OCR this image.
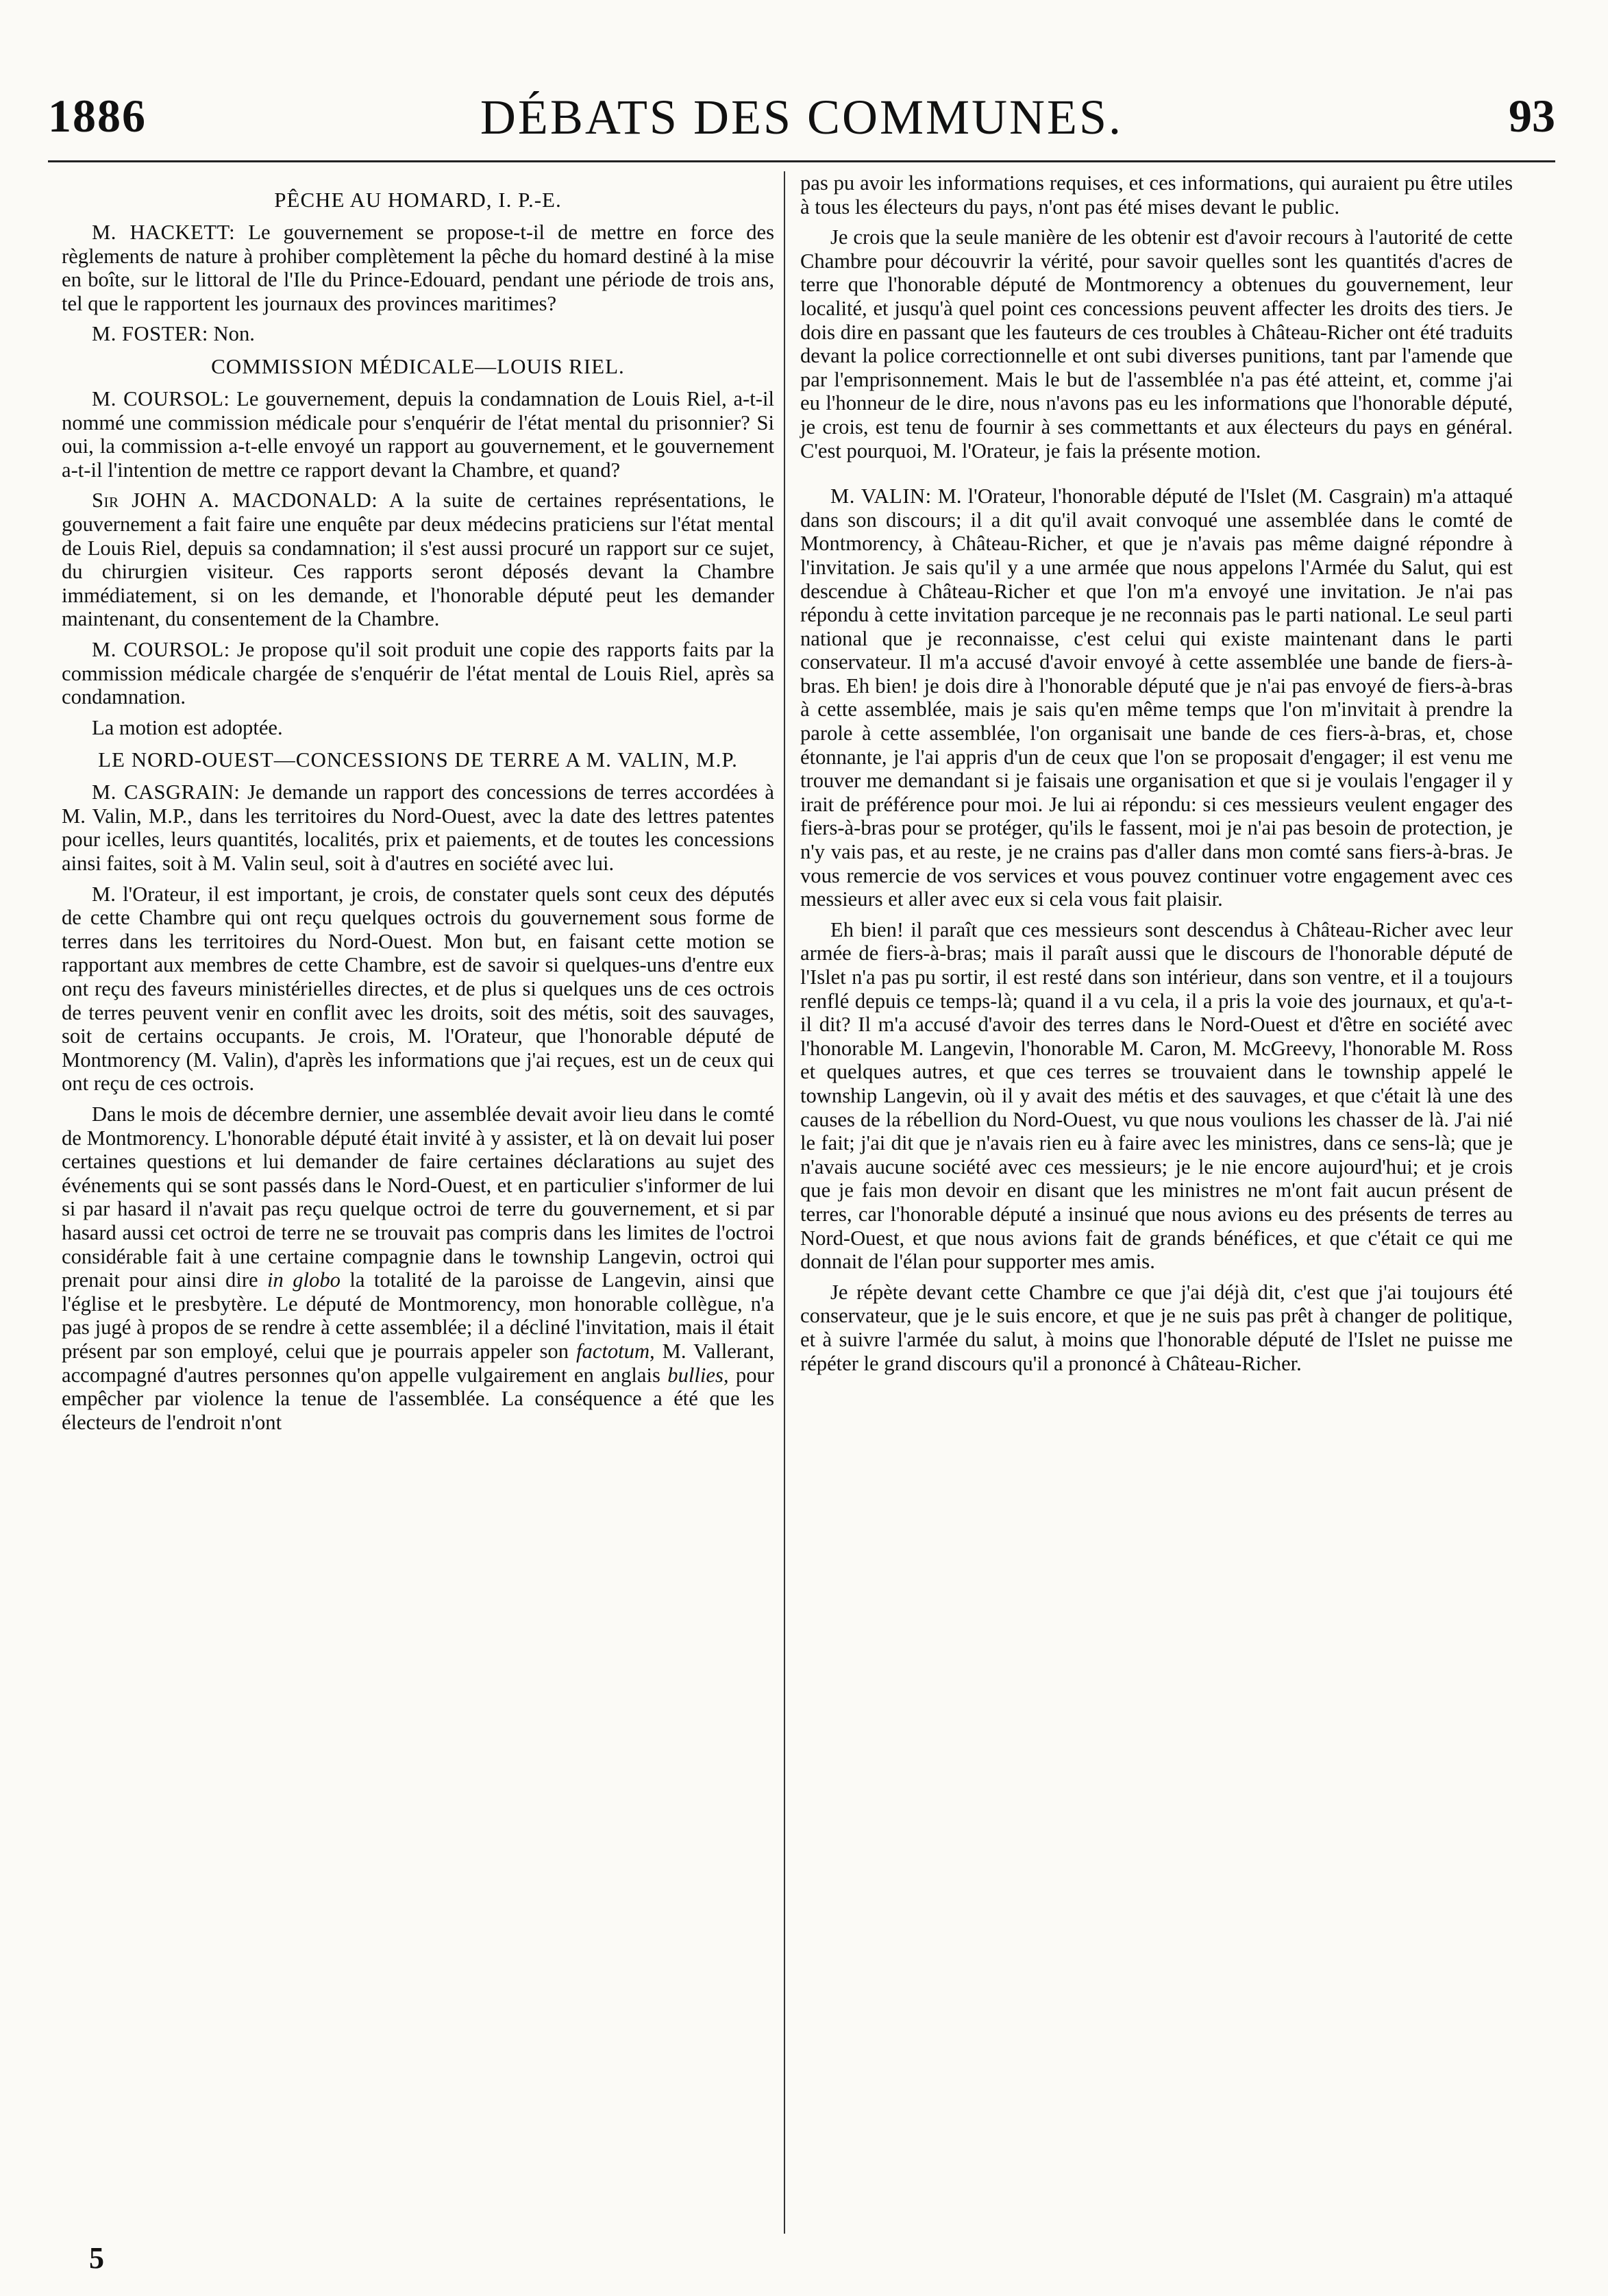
1886	DÉBATS DES COMMUNES.	93
PÊCHE AU HOMARD, I. P.-E.

M. HACKETT: Le gouvernement se propose-t-il de mettre en force des règlements de nature à prohiber complètement la pêche du homard destiné à la mise en boîte, sur le littoral de l'Ile du Prince-Edouard, pendant une période de trois ans, tel que le rapportent les journaux des provinces maritimes?

M. FOSTER: Non.

COMMISSION MÉDICALE—LOUIS RIEL.

M. COURSOL: Le gouvernement, depuis la condamnation de Louis Riel, a-t-il nommé une commission médicale pour s'enquérir de l'état mental du prisonnier? Si oui, la commission a-t-elle envoyé un rapport au gouvernement, et le gouvernement a-t-il l'intention de mettre ce rapport devant la Chambre, et quand?

Sir JOHN A. MACDONALD: A la suite de certaines représentations, le gouvernement a fait faire une enquête par deux médecins praticiens sur l'état mental de Louis Riel, depuis sa condamnation; il s'est aussi procuré un rapport sur ce sujet, du chirurgien visiteur. Ces rapports seront déposés devant la Chambre immédiatement, si on les demande, et l'honorable député peut les demander maintenant, du consentement de la Chambre.

M. COURSOL: Je propose qu'il soit produit une copie des rapports faits par la commission médicale chargée de s'enquérir de l'état mental de Louis Riel, après sa condamnation.

La motion est adoptée.

LE NORD-OUEST—CONCESSIONS DE TERRE A M. VALIN, M.P.

M. CASGRAIN: Je demande un rapport des concessions de terres accordées à M. Valin, M.P., dans les territoires du Nord-Ouest, avec la date des lettres patentes pour icelles, leurs quantités, localités, prix et paiements, et de toutes les concessions ainsi faites, soit à M. Valin seul, soit à d'autres en société avec lui.

M. l'Orateur, il est important, je crois, de constater quels sont ceux des députés de cette Chambre qui ont reçu quelques octrois du gouvernement sous forme de terres dans les territoires du Nord-Ouest. Mon but, en faisant cette motion se rapportant aux membres de cette Chambre, est de savoir si quelques-uns d'entre eux ont reçu des faveurs ministérielles directes, et de plus si quelques uns de ces octrois de terres peuvent venir en conflit avec les droits, soit des métis, soit des sauvages, soit de certains occupants. Je crois, M. l'Orateur, que l'honorable député de Montmorency (M. Valin), d'après les informations que j'ai reçues, est un de ceux qui ont reçu de ces octrois.

Dans le mois de décembre dernier, une assemblée devait avoir lieu dans le comté de Montmorency. L'honorable député était invité à y assister, et là on devait lui poser certaines questions et lui demander de faire certaines déclarations au sujet des événements qui se sont passés dans le Nord-Ouest, et en particulier s'informer de lui si par hasard il n'avait pas reçu quelque octroi de terre du gouvernement, et si par hasard aussi cet octroi de terre ne se trouvait pas compris dans les limites de l'octroi considérable fait à une certaine compagnie dans le township Langevin, octroi qui prenait pour ainsi dire in globo la totalité de la paroisse de Langevin, ainsi que l'église et le presbytère. Le député de Montmorency, mon honorable collègue, n'a pas jugé à propos de se rendre à cette assemblée; il a décliné l'invitation, mais il était présent par son employé, celui que je pourrais appeler son factotum, M. Vallerant, accompagné d'autres personnes qu'on appelle vulgairement en anglais bullies, pour empêcher par violence la tenue de l'assemblée. La conséquence a été que les électeurs de l'endroit n'ont

pas pu avoir les informations requises, et ces informations, qui auraient pu être utiles à tous les électeurs du pays, n'ont pas été mises devant le public.

Je crois que la seule manière de les obtenir est d'avoir recours à l'autorité de cette Chambre pour découvrir la vérité, pour savoir quelles sont les quantités d'acres de terre que l'honorable député de Montmorency a obtenues du gouvernement, leur localité, et jusqu'à quel point ces concessions peuvent affecter les droits des tiers. Je dois dire en passant que les fauteurs de ces troubles à Château-Richer ont été traduits devant la police correctionnelle et ont subi diverses punitions, tant par l'amende que par l'emprisonnement. Mais le but de l'assemblée n'a pas été atteint, et, comme j'ai eu l'honneur de le dire, nous n'avons pas eu les informations que l'honorable député, je crois, est tenu de fournir à ses commettants et aux électeurs du pays en général. C'est pourquoi, M. l'Orateur, je fais la présente motion.

M. VALIN: M. l'Orateur, l'honorable député de l'Islet (M. Casgrain) m'a attaqué dans son discours; il a dit qu'il avait convoqué une assemblée dans le comté de Montmorency, à Château-Richer, et que je n'avais pas même daigné répondre à l'invitation. Je sais qu'il y a une armée que nous appelons l'Armée du Salut, qui est descendue à Château-Richer et que l'on m'a envoyé une invitation. Je n'ai pas répondu à cette invitation parceque je ne reconnais pas le parti national. Le seul parti national que je reconnaisse, c'est celui qui existe maintenant dans le parti conservateur. Il m'a accusé d'avoir envoyé à cette assemblée une bande de fiers-à-bras. Eh bien! je dois dire à l'honorable député que je n'ai pas envoyé de fiers-à-bras à cette assemblée, mais je sais qu'en même temps que l'on m'invitait à prendre la parole à cette assemblée, l'on organisait une bande de ces fiers-à-bras, et, chose étonnante, je l'ai appris d'un de ceux que l'on se proposait d'engager; il est venu me trouver me demandant si je faisais une organisation et que si je voulais l'engager il y irait de préférence pour moi. Je lui ai répondu: si ces messieurs veulent engager des fiers-à-bras pour se protéger, qu'ils le fassent, moi je n'ai pas besoin de protection, je n'y vais pas, et au reste, je ne crains pas d'aller dans mon comté sans fiers-à-bras. Je vous remercie de vos services et vous pouvez continuer votre engagement avec ces messieurs et aller avec eux si cela vous fait plaisir.

Eh bien! il paraît que ces messieurs sont descendus à Château-Richer avec leur armée de fiers-à-bras; mais il paraît aussi que le discours de l'honorable député de l'Islet n'a pas pu sortir, il est resté dans son intérieur, dans son ventre, et il a toujours renflé depuis ce temps-là; quand il a vu cela, il a pris la voie des journaux, et qu'a-t-il dit? Il m'a accusé d'avoir des terres dans le Nord-Ouest et d'être en société avec l'honorable M. Langevin, l'honorable M. Caron, M. McGreevy, l'honorable M. Ross et quelques autres, et que ces terres se trouvaient dans le township appelé le township Langevin, où il y avait des métis et des sauvages, et que c'était là une des causes de la rébellion du Nord-Ouest, vu que nous voulions les chasser de là. J'ai nié le fait; j'ai dit que je n'avais rien eu à faire avec les ministres, dans ce sens-là; que je n'avais aucune société avec ces messieurs; je le nie encore aujourd'hui; et je crois que je fais mon devoir en disant que les ministres ne m'ont fait aucun présent de terres, car l'honorable député a insinué que nous avions eu des présents de terres au Nord-Ouest, et que nous avions fait de grands bénéfices, et que c'était ce qui me donnait de l'élan pour supporter mes amis.

Je répète devant cette Chambre ce que j'ai déjà dit, c'est que j'ai toujours été conservateur, que je le suis encore, et que je ne suis pas prêt à changer de politique, et à suivre l'armée du salut, à moins que l'honorable député de l'Islet ne puisse me répéter le grand discours qu'il a prononcé à Château-Richer.

5
